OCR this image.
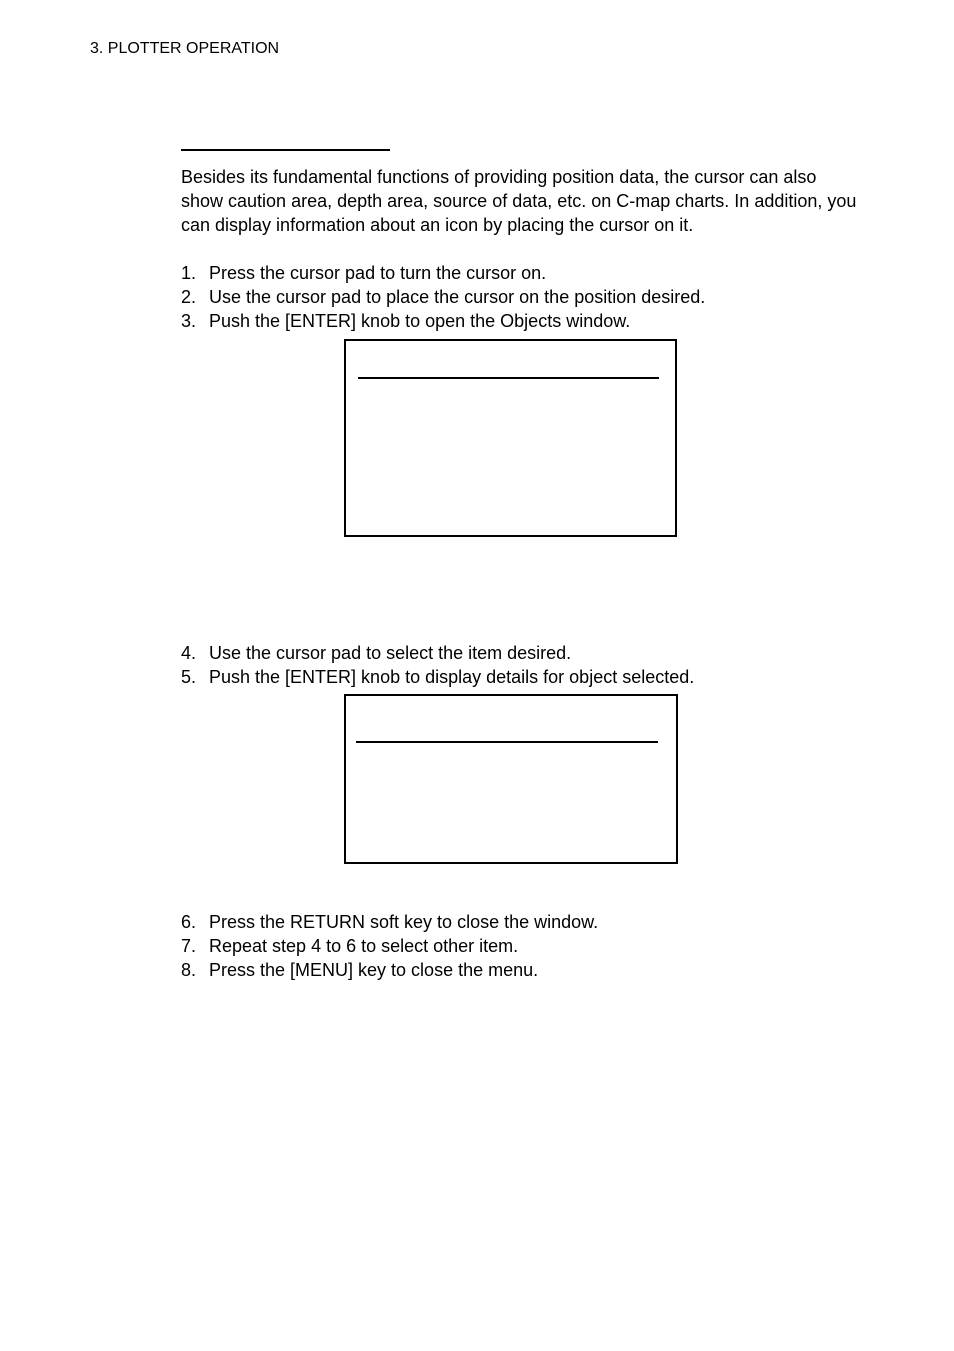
3. PLOTTER OPERATION

Besides its fundamental functions of providing position data, the cursor can also show caution area, depth area, source of data, etc. on C-map charts. In addition, you can display information about an icon by placing the cursor on it.

1. Press the cursor pad to turn the cursor on.
2. Use the cursor pad to place the cursor on the position desired.
3. Push the [ENTER] knob to open the Objects window.
4. Use the cursor pad to select the item desired.
5. Push the [ENTER] knob to display details for object selected.
6. Press the RETURN soft key to close the window.
7. Repeat step 4 to 6 to select other item.
8. Press the [MENU] key to close the menu.
